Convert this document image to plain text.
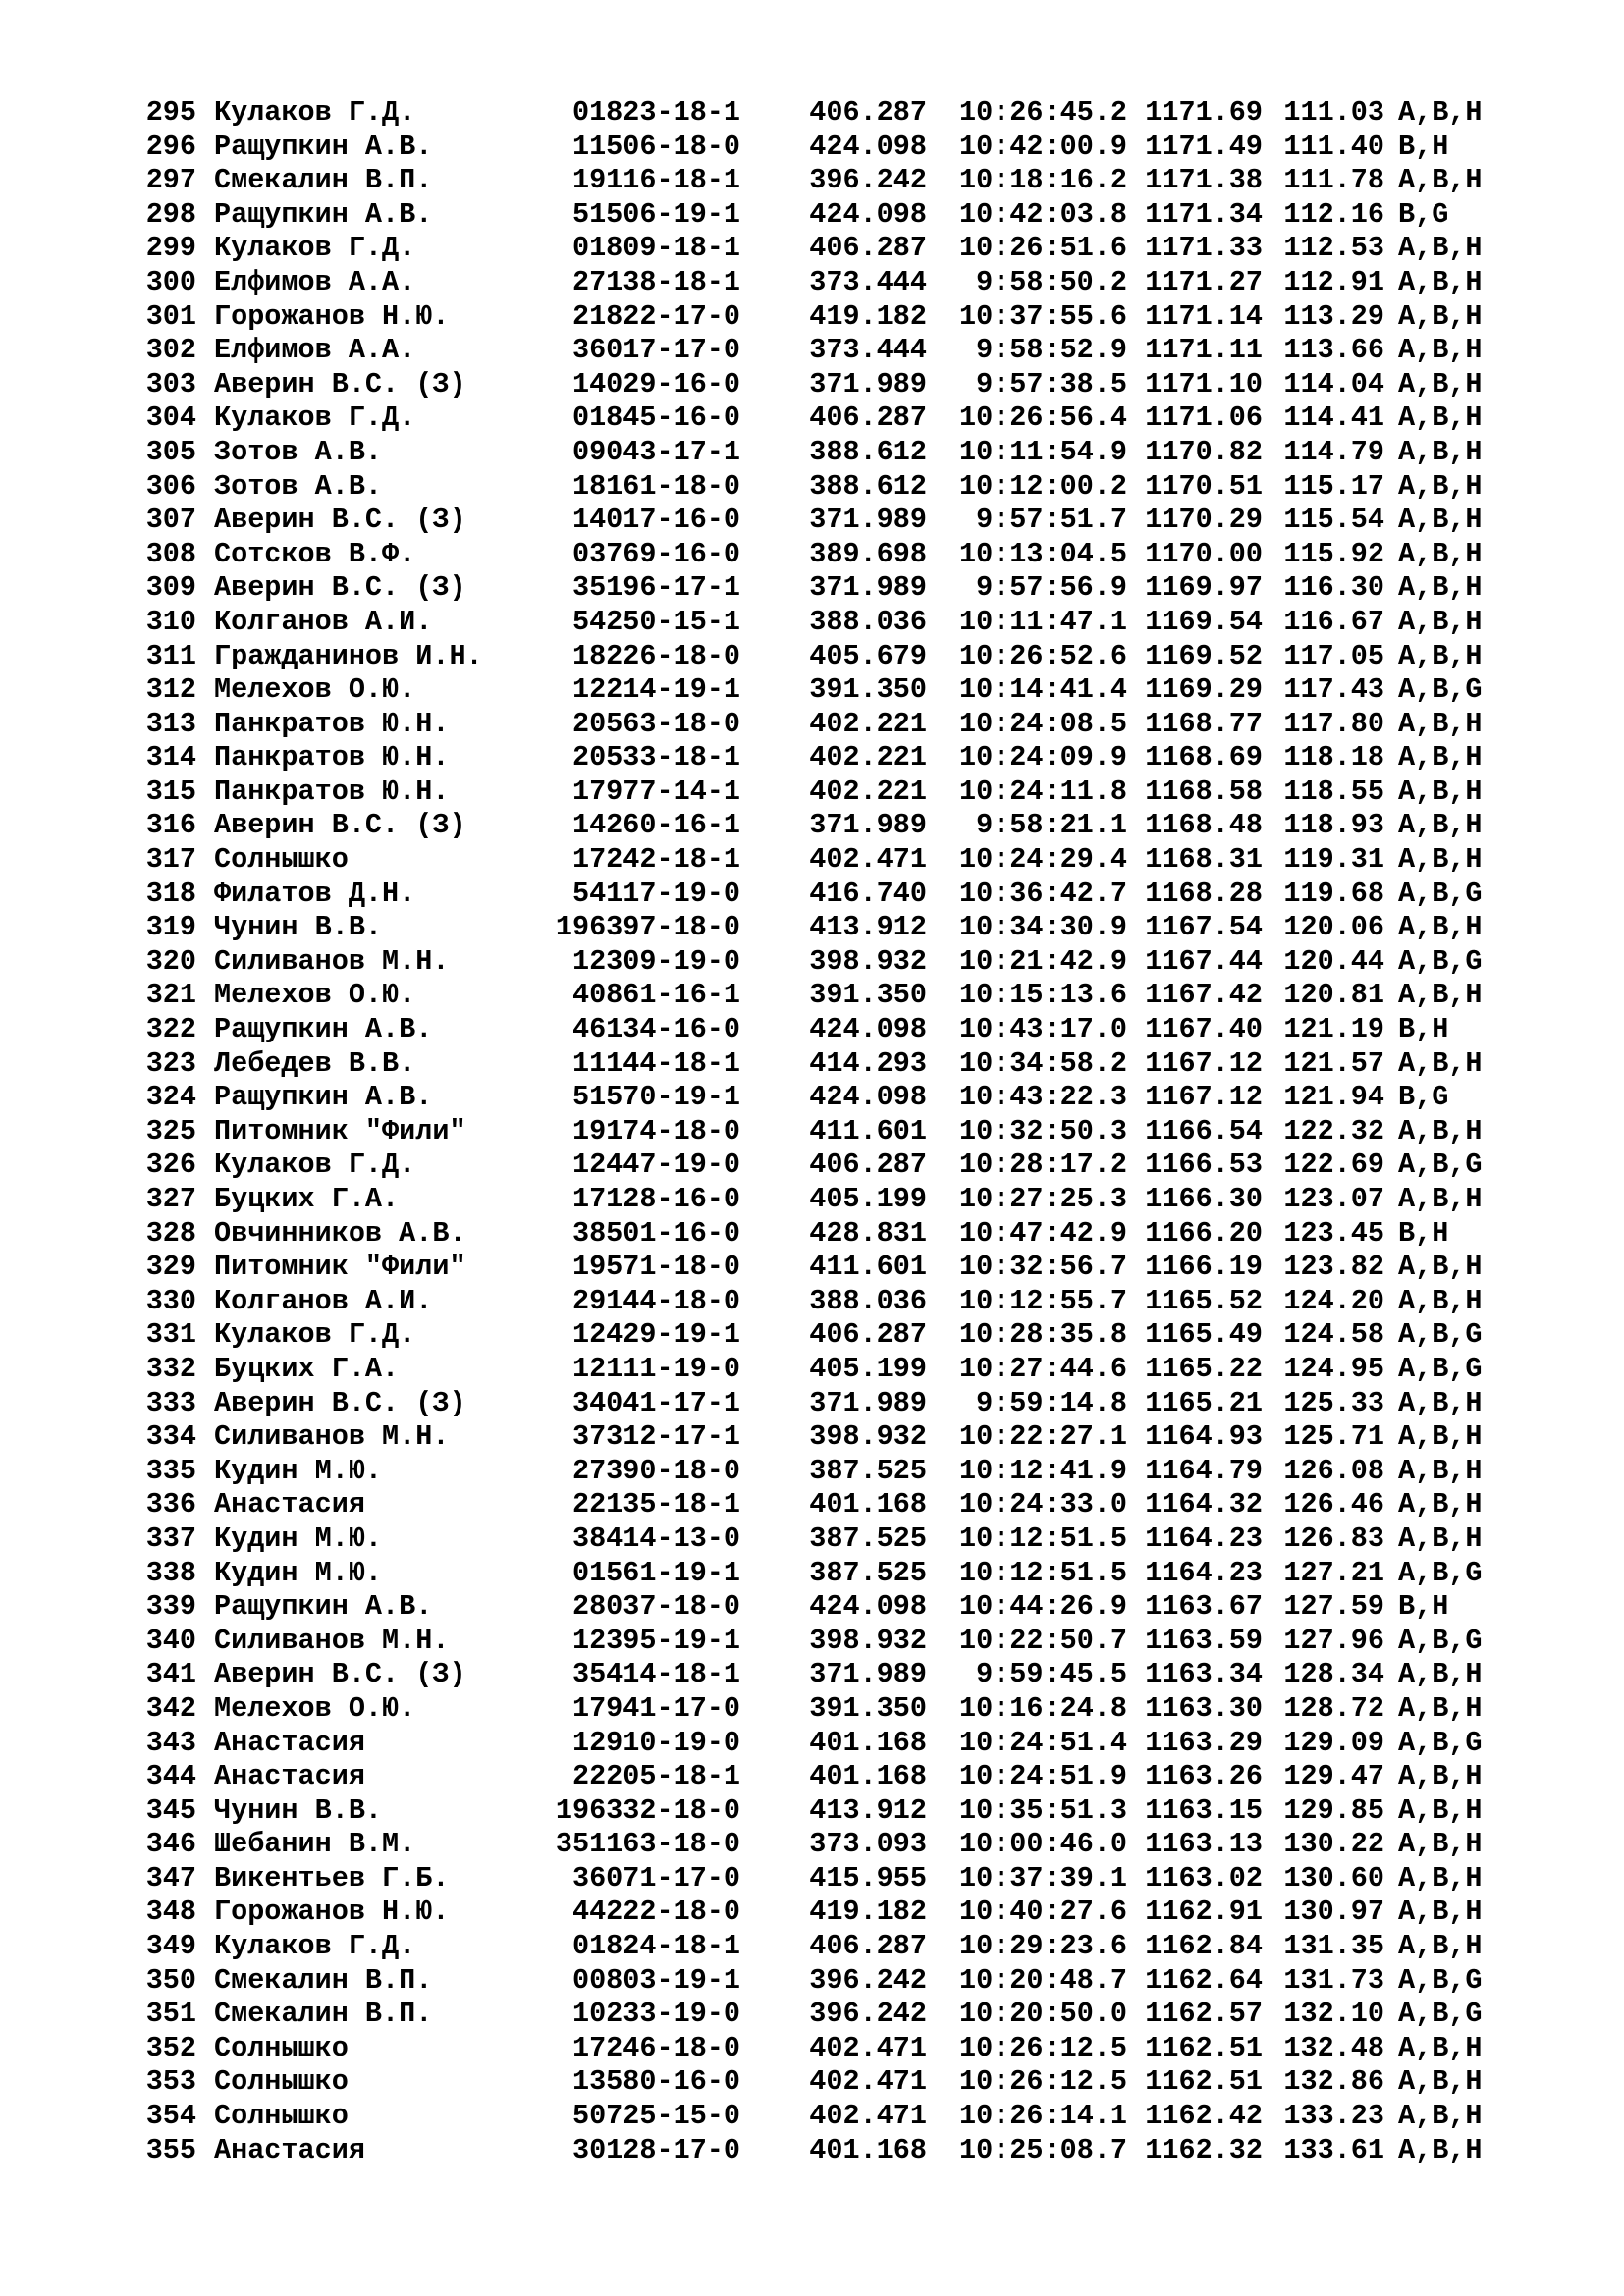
295 Кулаков Г.Д.	01823-18-1 406.287 10:26:45.2 1171.69 111.03 A,B,H
296 Ращупкин А.В.	11506-18-0 424.098 10:42:00.9 1171.49 111.40 B,H
297 Смекалин В.П.	19116-18-1 396.242 10:18:16.2 1171.38 111.78 A,B,H
298 Ращупкин А.В.	51506-19-1 424.098 10:42:03.8 1171.34 112.16 B,G
299 Кулаков Г.Д.	01809-18-1 406.287 10:26:51.6 1171.33 112.53 A,B,H
300 Елфимов А.А.	27138-18-1 373.444 9:58:50.2 1171.27 112.91 A,B,H
301 Горожанов Н.Ю.	21822-17-0 419.182 10:37:55.6 1171.14 113.29 A,B,H
302 Елфимов А.А.	36017-17-0 373.444 9:58:52.9 1171.11 113.66 A,B,H
303 Аверин В.С. (З)	14029-16-0 371.989 9:57:38.5 1171.10 114.04 A,B,H
304 Кулаков Г.Д.	01845-16-0 406.287 10:26:56.4 1171.06 114.41 A,B,H
305 Зотов А.В.	09043-17-1 388.612 10:11:54.9 1170.82 114.79 A,B,H
306 Зотов А.В.	18161-18-0 388.612 10:12:00.2 1170.51 115.17 A,B,H
307 Аверин В.С. (З)	14017-16-0 371.989 9:57:51.7 1170.29 115.54 A,B,H
308 Сотсков В.Ф.	03769-16-0 389.698 10:13:04.5 1170.00 115.92 A,B,H
309 Аверин В.С. (З)	35196-17-1 371.989 9:57:56.9 1169.97 116.30 A,B,H
310 Колганов А.И.	54250-15-1 388.036 10:11:47.1 1169.54 116.67 A,B,H
311 Гражданинов И.Н.	18226-18-0 405.679 10:26:52.6 1169.52 117.05 A,B,H
312 Мелехов О.Ю.	12214-19-1 391.350 10:14:41.4 1169.29 117.43 A,B,G
313 Панкратов Ю.Н.	20563-18-0 402.221 10:24:08.5 1168.77 117.80 A,B,H
314 Панкратов Ю.Н.	20533-18-1 402.221 10:24:09.9 1168.69 118.18 A,B,H
315 Панкратов Ю.Н.	17977-14-1 402.221 10:24:11.8 1168.58 118.55 A,B,H
316 Аверин В.С. (З)	14260-16-1 371.989 9:58:21.1 1168.48 118.93 A,B,H
317 Солнышко	17242-18-1 402.471 10:24:29.4 1168.31 119.31 A,B,H
318 Филатов Д.Н.	54117-19-0 416.740 10:36:42.7 1168.28 119.68 A,B,G
319 Чунин В.В.	196397-18-0 413.912 10:34:30.9 1167.54 120.06 A,B,H
320 Силиванов М.Н.	12309-19-0 398.932 10:21:42.9 1167.44 120.44 A,B,G
321 Мелехов О.Ю.	40861-16-1 391.350 10:15:13.6 1167.42 120.81 A,B,H
322 Ращупкин А.В.	46134-16-0 424.098 10:43:17.0 1167.40 121.19 B,H
323 Лебедев В.В.	11144-18-1 414.293 10:34:58.2 1167.12 121.57 A,B,H
324 Ращупкин А.В.	51570-19-1 424.098 10:43:22.3 1167.12 121.94 B,G
325 Питомник "Фили"	19174-18-0 411.601 10:32:50.3 1166.54 122.32 A,B,H
326 Кулаков Г.Д.	12447-19-0 406.287 10:28:17.2 1166.53 122.69 A,B,G
327 Буцких Г.А.	17128-16-0 405.199 10:27:25.3 1166.30 123.07 A,B,H
328 Овчинников А.В.	38501-16-0 428.831 10:47:42.9 1166.20 123.45 B,H
329 Питомник "Фили"	19571-18-0 411.601 10:32:56.7 1166.19 123.82 A,B,H
330 Колганов А.И.	29144-18-0 388.036 10:12:55.7 1165.52 124.20 A,B,H
331 Кулаков Г.Д.	12429-19-1 406.287 10:28:35.8 1165.49 124.58 A,B,G
332 Буцких Г.А.	12111-19-0 405.199 10:27:44.6 1165.22 124.95 A,B,G
333 Аверин В.С. (З)	34041-17-1 371.989 9:59:14.8 1165.21 125.33 A,B,H
334 Силиванов М.Н.	37312-17-1 398.932 10:22:27.1 1164.93 125.71 A,B,H
335 Кудин М.Ю.	27390-18-0 387.525 10:12:41.9 1164.79 126.08 A,B,H
336 Анастасия	22135-18-1 401.168 10:24:33.0 1164.32 126.46 A,B,H
337 Кудин М.Ю.	38414-13-0 387.525 10:12:51.5 1164.23 126.83 A,B,H
338 Кудин М.Ю.	01561-19-1 387.525 10:12:51.5 1164.23 127.21 A,B,G
339 Ращупкин А.В.	28037-18-0 424.098 10:44:26.9 1163.67 127.59 B,H
340 Силиванов М.Н.	12395-19-1 398.932 10:22:50.7 1163.59 127.96 A,B,G
341 Аверин В.С. (З)	35414-18-1 371.989 9:59:45.5 1163.34 128.34 A,B,H
342 Мелехов О.Ю.	17941-17-0 391.350 10:16:24.8 1163.30 128.72 A,B,H
343 Анастасия	12910-19-0 401.168 10:24:51.4 1163.29 129.09 A,B,G
344 Анастасия	22205-18-1 401.168 10:24:51.9 1163.26 129.47 A,B,H
345 Чунин В.В.	196332-18-0 413.912 10:35:51.3 1163.15 129.85 A,B,H
346 Шебанин В.М.	351163-18-0 373.093 10:00:46.0 1163.13 130.22 A,B,H
347 Викентьев Г.Б.	36071-17-0 415.955 10:37:39.1 1163.02 130.60 A,B,H
348 Горожанов Н.Ю.	44222-18-0 419.182 10:40:27.6 1162.91 130.97 A,B,H
349 Кулаков Г.Д.	01824-18-1 406.287 10:29:23.6 1162.84 131.35 A,B,H
350 Смекалин В.П.	00803-19-1 396.242 10:20:48.7 1162.64 131.73 A,B,G
351 Смекалин В.П.	10233-19-0 396.242 10:20:50.0 1162.57 132.10 A,B,G
352 Солнышко	17246-18-0 402.471 10:26:12.5 1162.51 132.48 A,B,H
353 Солнышко	13580-16-0 402.471 10:26:12.5 1162.51 132.86 A,B,H
354 Солнышко	50725-15-0 402.471 10:26:14.1 1162.42 133.23 A,B,H
355 Анастасия	30128-17-0 401.168 10:25:08.7 1162.32 133.61 A,B,H
